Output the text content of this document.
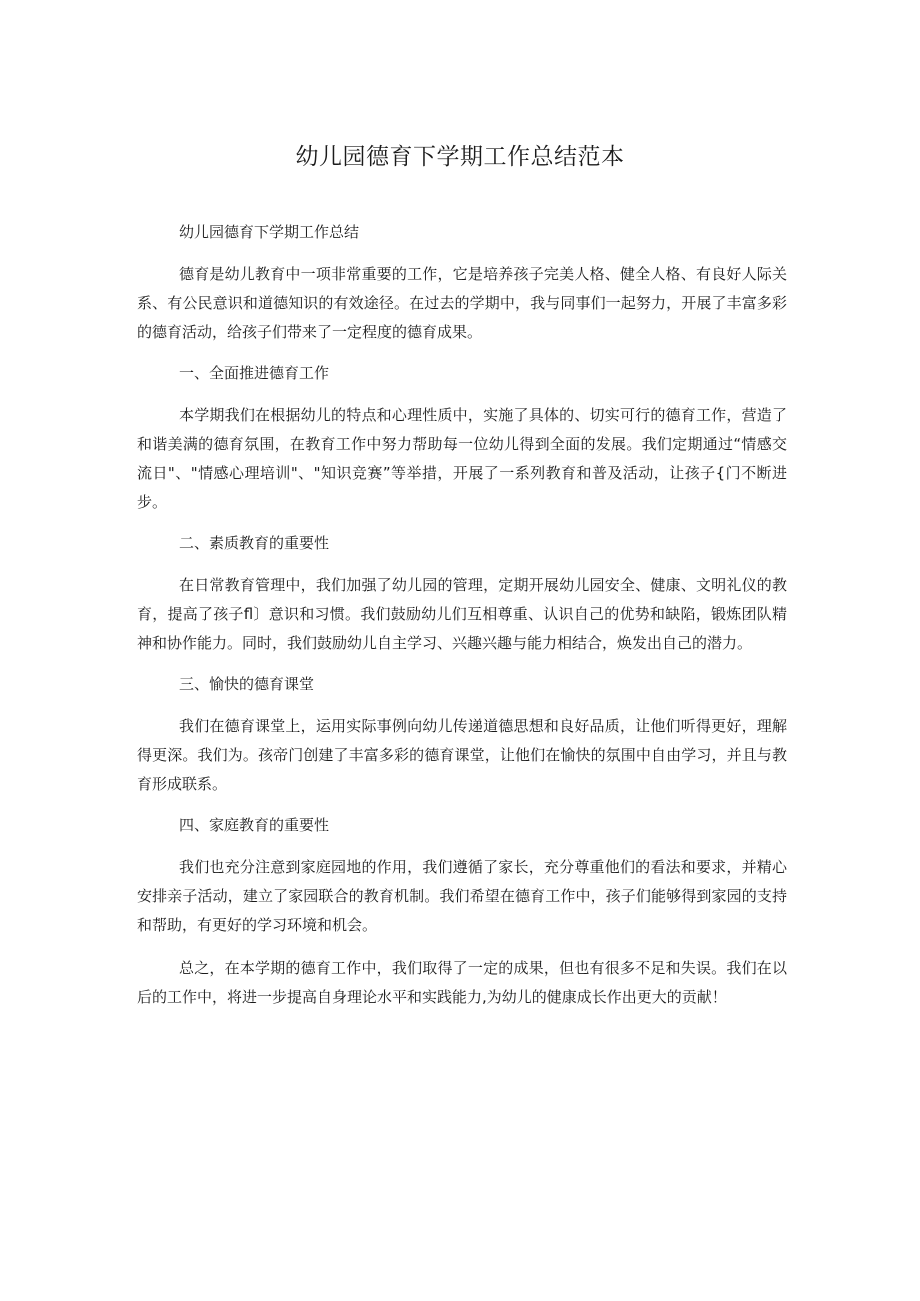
幼儿园德育下学期工作总结范本

幼儿园德育下学期工作总结

德育是幼儿教育中一项非常重要的工作，它是培养孩子完美人格、健全人格、有良好人际关系、有公民意识和道德知识的有效途径。在过去的学期中，我与同事们一起努力，开展了丰富多彩的德育活动，给孩子们带来了一定程度的德育成果。

一、全面推进德育工作

本学期我们在根据幼儿的特点和心理性质中，实施了具体的、切实可行的德育工作，营造了和谐美满的德育氛围，在教育工作中努力帮助每一位幼儿得到全面的发展。我们定期通过“情感交流日"、"情感心理培训"、"知识竞赛”等举措，开展了一系列教育和普及活动，让孩子{门不断进步。

二、素质教育的重要性

在日常教育管理中，我们加强了幼儿园的管理，定期开展幼儿园安全、健康、文明礼仪的教育，提高了孩子fl〕意识和习惯。我们鼓励幼儿们互相尊重、认识自己的优势和缺陷，锻炼团队精神和协作能力。同时，我们鼓励幼儿自主学习、兴趣兴趣与能力相结合，焕发出自己的潜力。

三、愉快的德育课堂

我们在德育课堂上，运用实际事例向幼儿传递道德思想和良好品质，让他们听得更好，理解得更深。我们为。孩帝门创建了丰富多彩的德育课堂，让他们在愉快的氛围中自由学习，并且与教育形成联系。

四、家庭教育的重要性

我们也充分注意到家庭园地的作用，我们遵循了家长，充分尊重他们的看法和要求，并精心安排亲子活动，建立了家园联合的教育机制。我们希望在德育工作中，孩子们能够得到家园的支持和帮助，有更好的学习环境和机会。

总之，在本学期的德育工作中，我们取得了一定的成果，但也有很多不足和失误。我们在以后的工作中，将进一步提高自身理论水平和实践能力,为幼儿的健康成长作出更大的贡献！
